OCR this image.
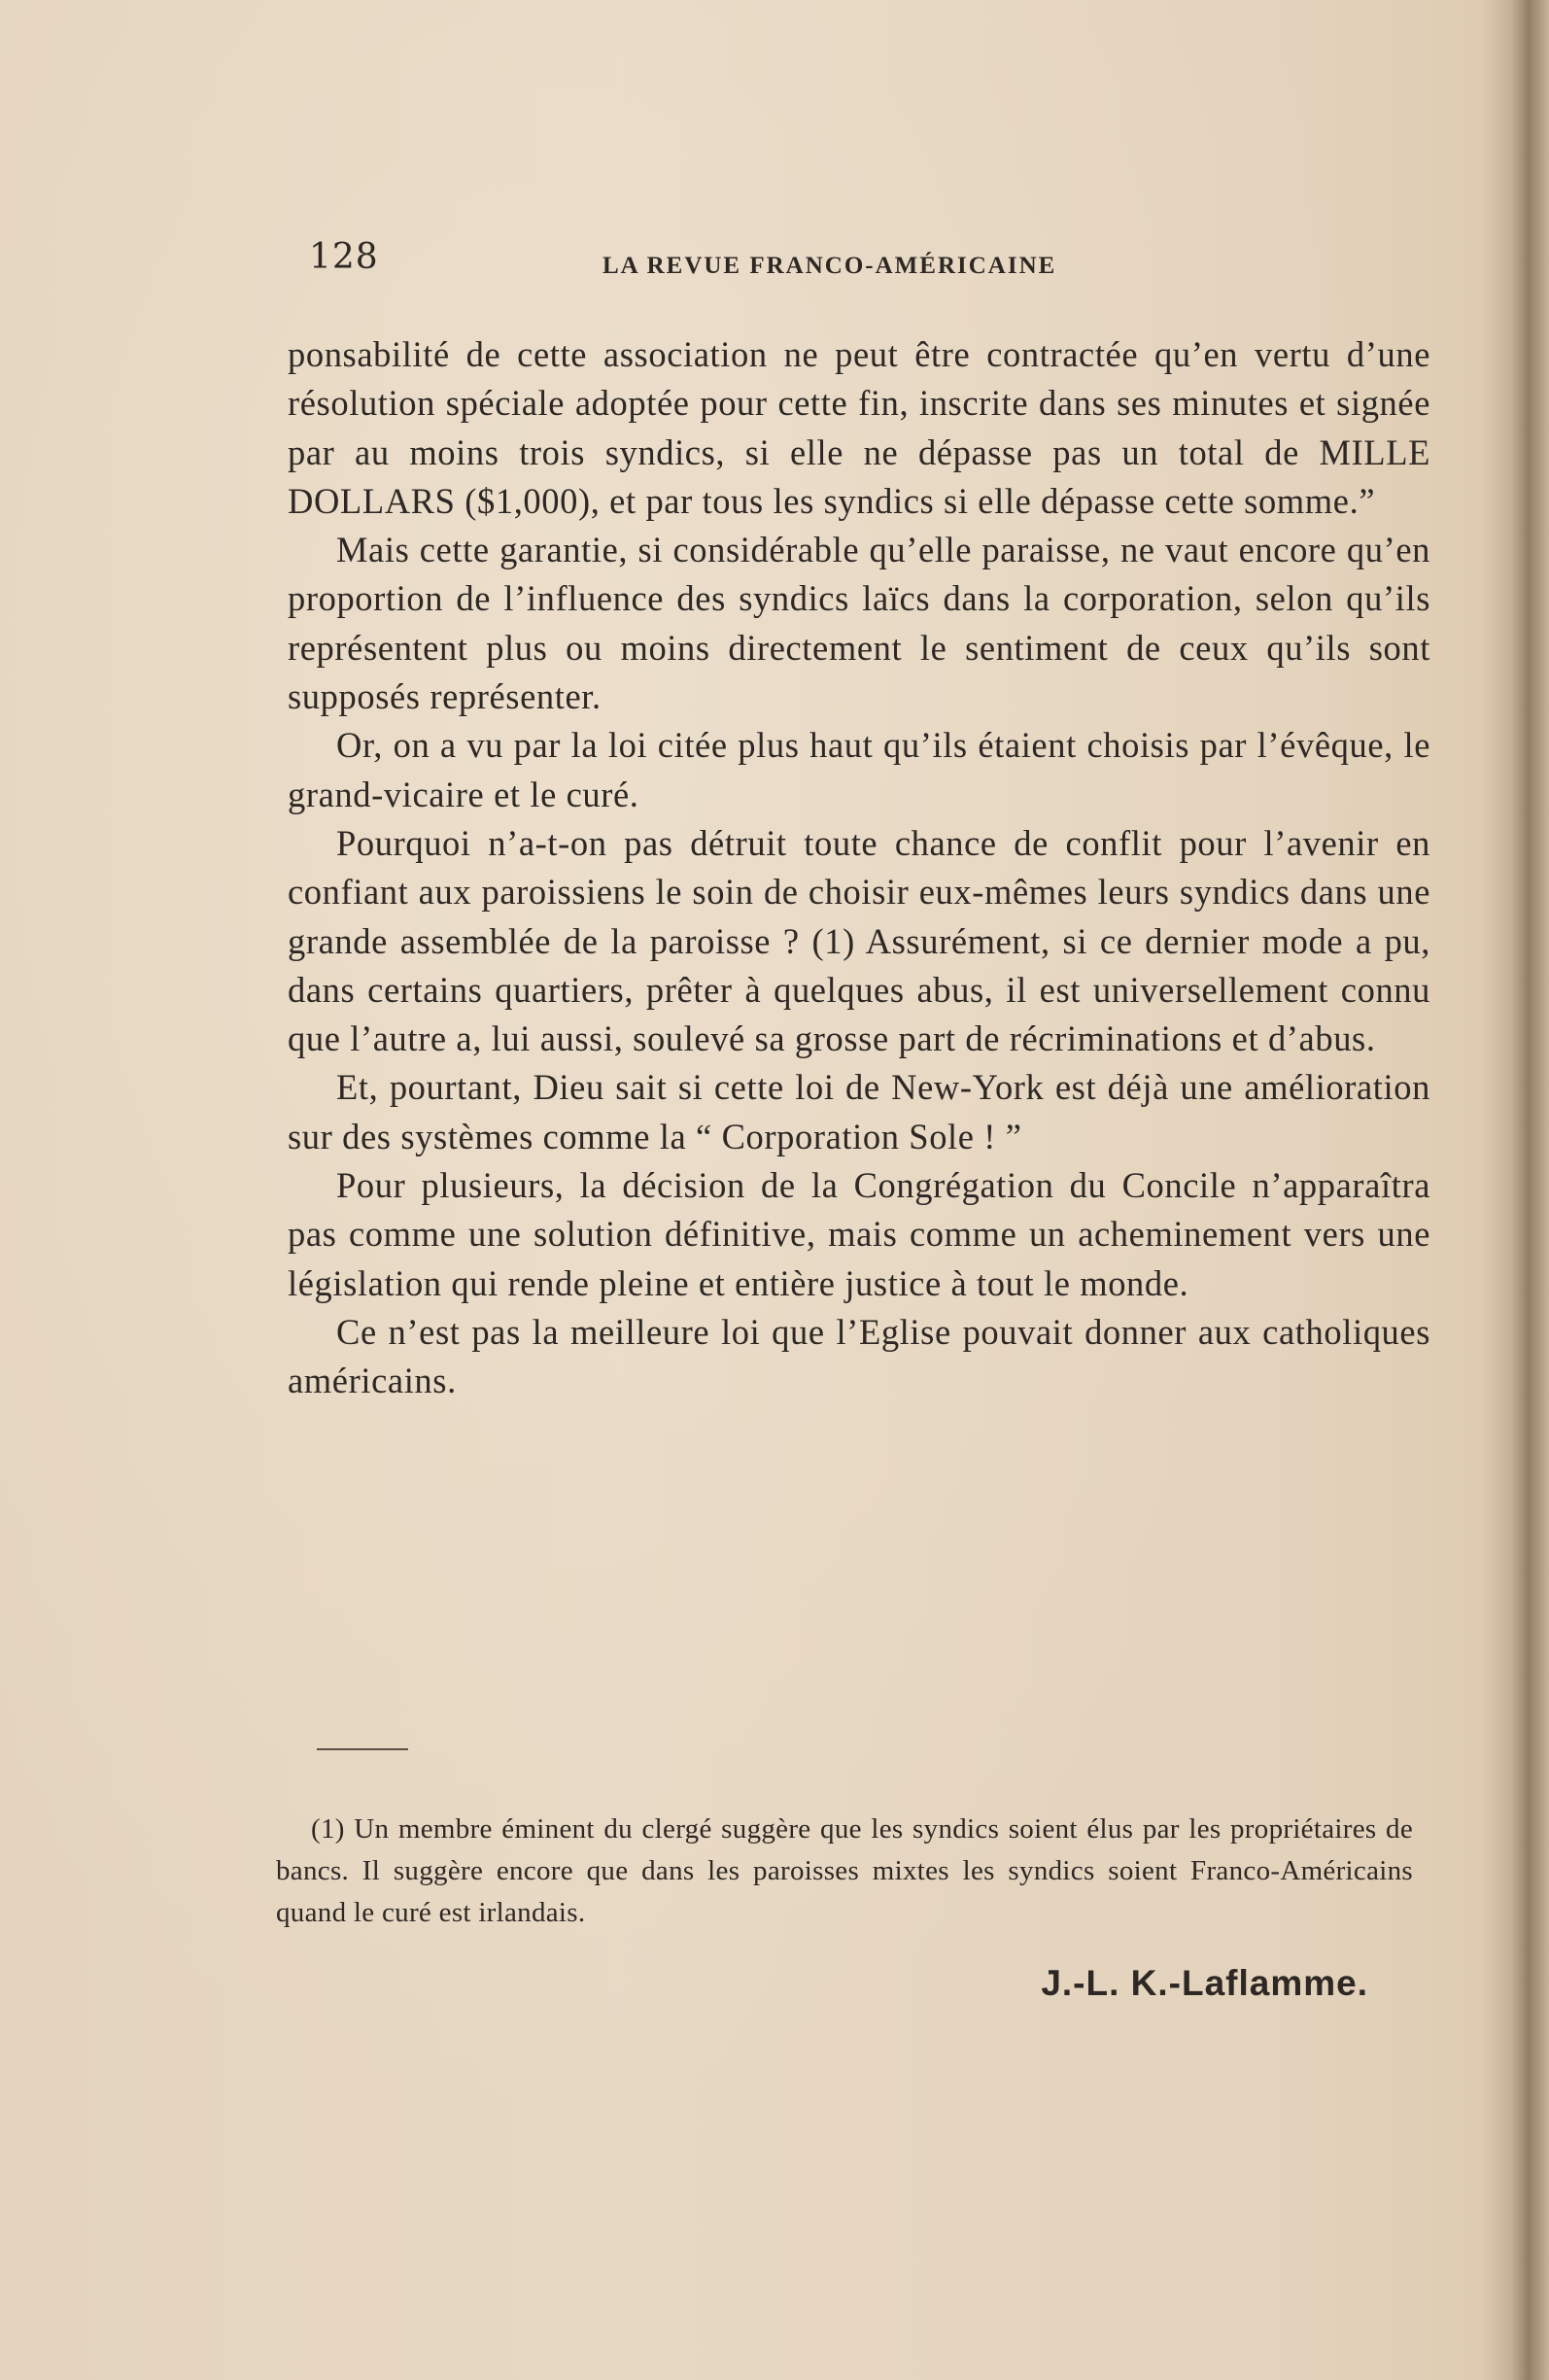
128	LA REVUE FRANCO-AMÉRICAINE

ponsabilité de cette association ne peut être contractée qu’en vertu d’une résolution spéciale adoptée pour cette fin, inscrite dans ses minutes et signée par au moins trois syndics, si elle ne dépasse pas un total de MILLE DOLLARS ($1,000), et par tous les syndics si elle dépasse cette somme.”

Mais cette garantie, si considérable qu’elle paraisse, ne vaut encore qu’en proportion de l’influence des syndics laïcs dans la corporation, selon qu’ils représentent plus ou moins directement le sentiment de ceux qu’ils sont supposés représenter.

Or, on a vu par la loi citée plus haut qu’ils étaient choisis par l’évêque, le grand-vicaire et le curé.

Pourquoi n’a-t-on pas détruit toute chance de conflit pour l’avenir en confiant aux paroissiens le soin de choisir eux-mêmes leurs syndics dans une grande assemblée de la paroisse ? (1) Assurément, si ce dernier mode a pu, dans certains quartiers, prêter à quelques abus, il est universellement connu que l’autre a, lui aussi, soulevé sa grosse part de récriminations et d’abus.

Et, pourtant, Dieu sait si cette loi de New-York est déjà une amélioration sur des systèmes comme la “ Corporation Sole ! ”

Pour plusieurs, la décision de la Congrégation du Concile n’apparaîtra pas comme une solution définitive, mais comme un acheminement vers une législation qui rende pleine et entière justice à tout le monde.

Ce n’est pas la meilleure loi que l’Eglise pouvait donner aux catholiques américains.

(1) Un membre éminent du clergé suggère que les syndics soient élus par les propriétaires de bancs. Il suggère encore que dans les paroisses mixtes les syndics soient Franco-Américains quand le curé est irlandais.

J.-L. K.-Laflamme.
